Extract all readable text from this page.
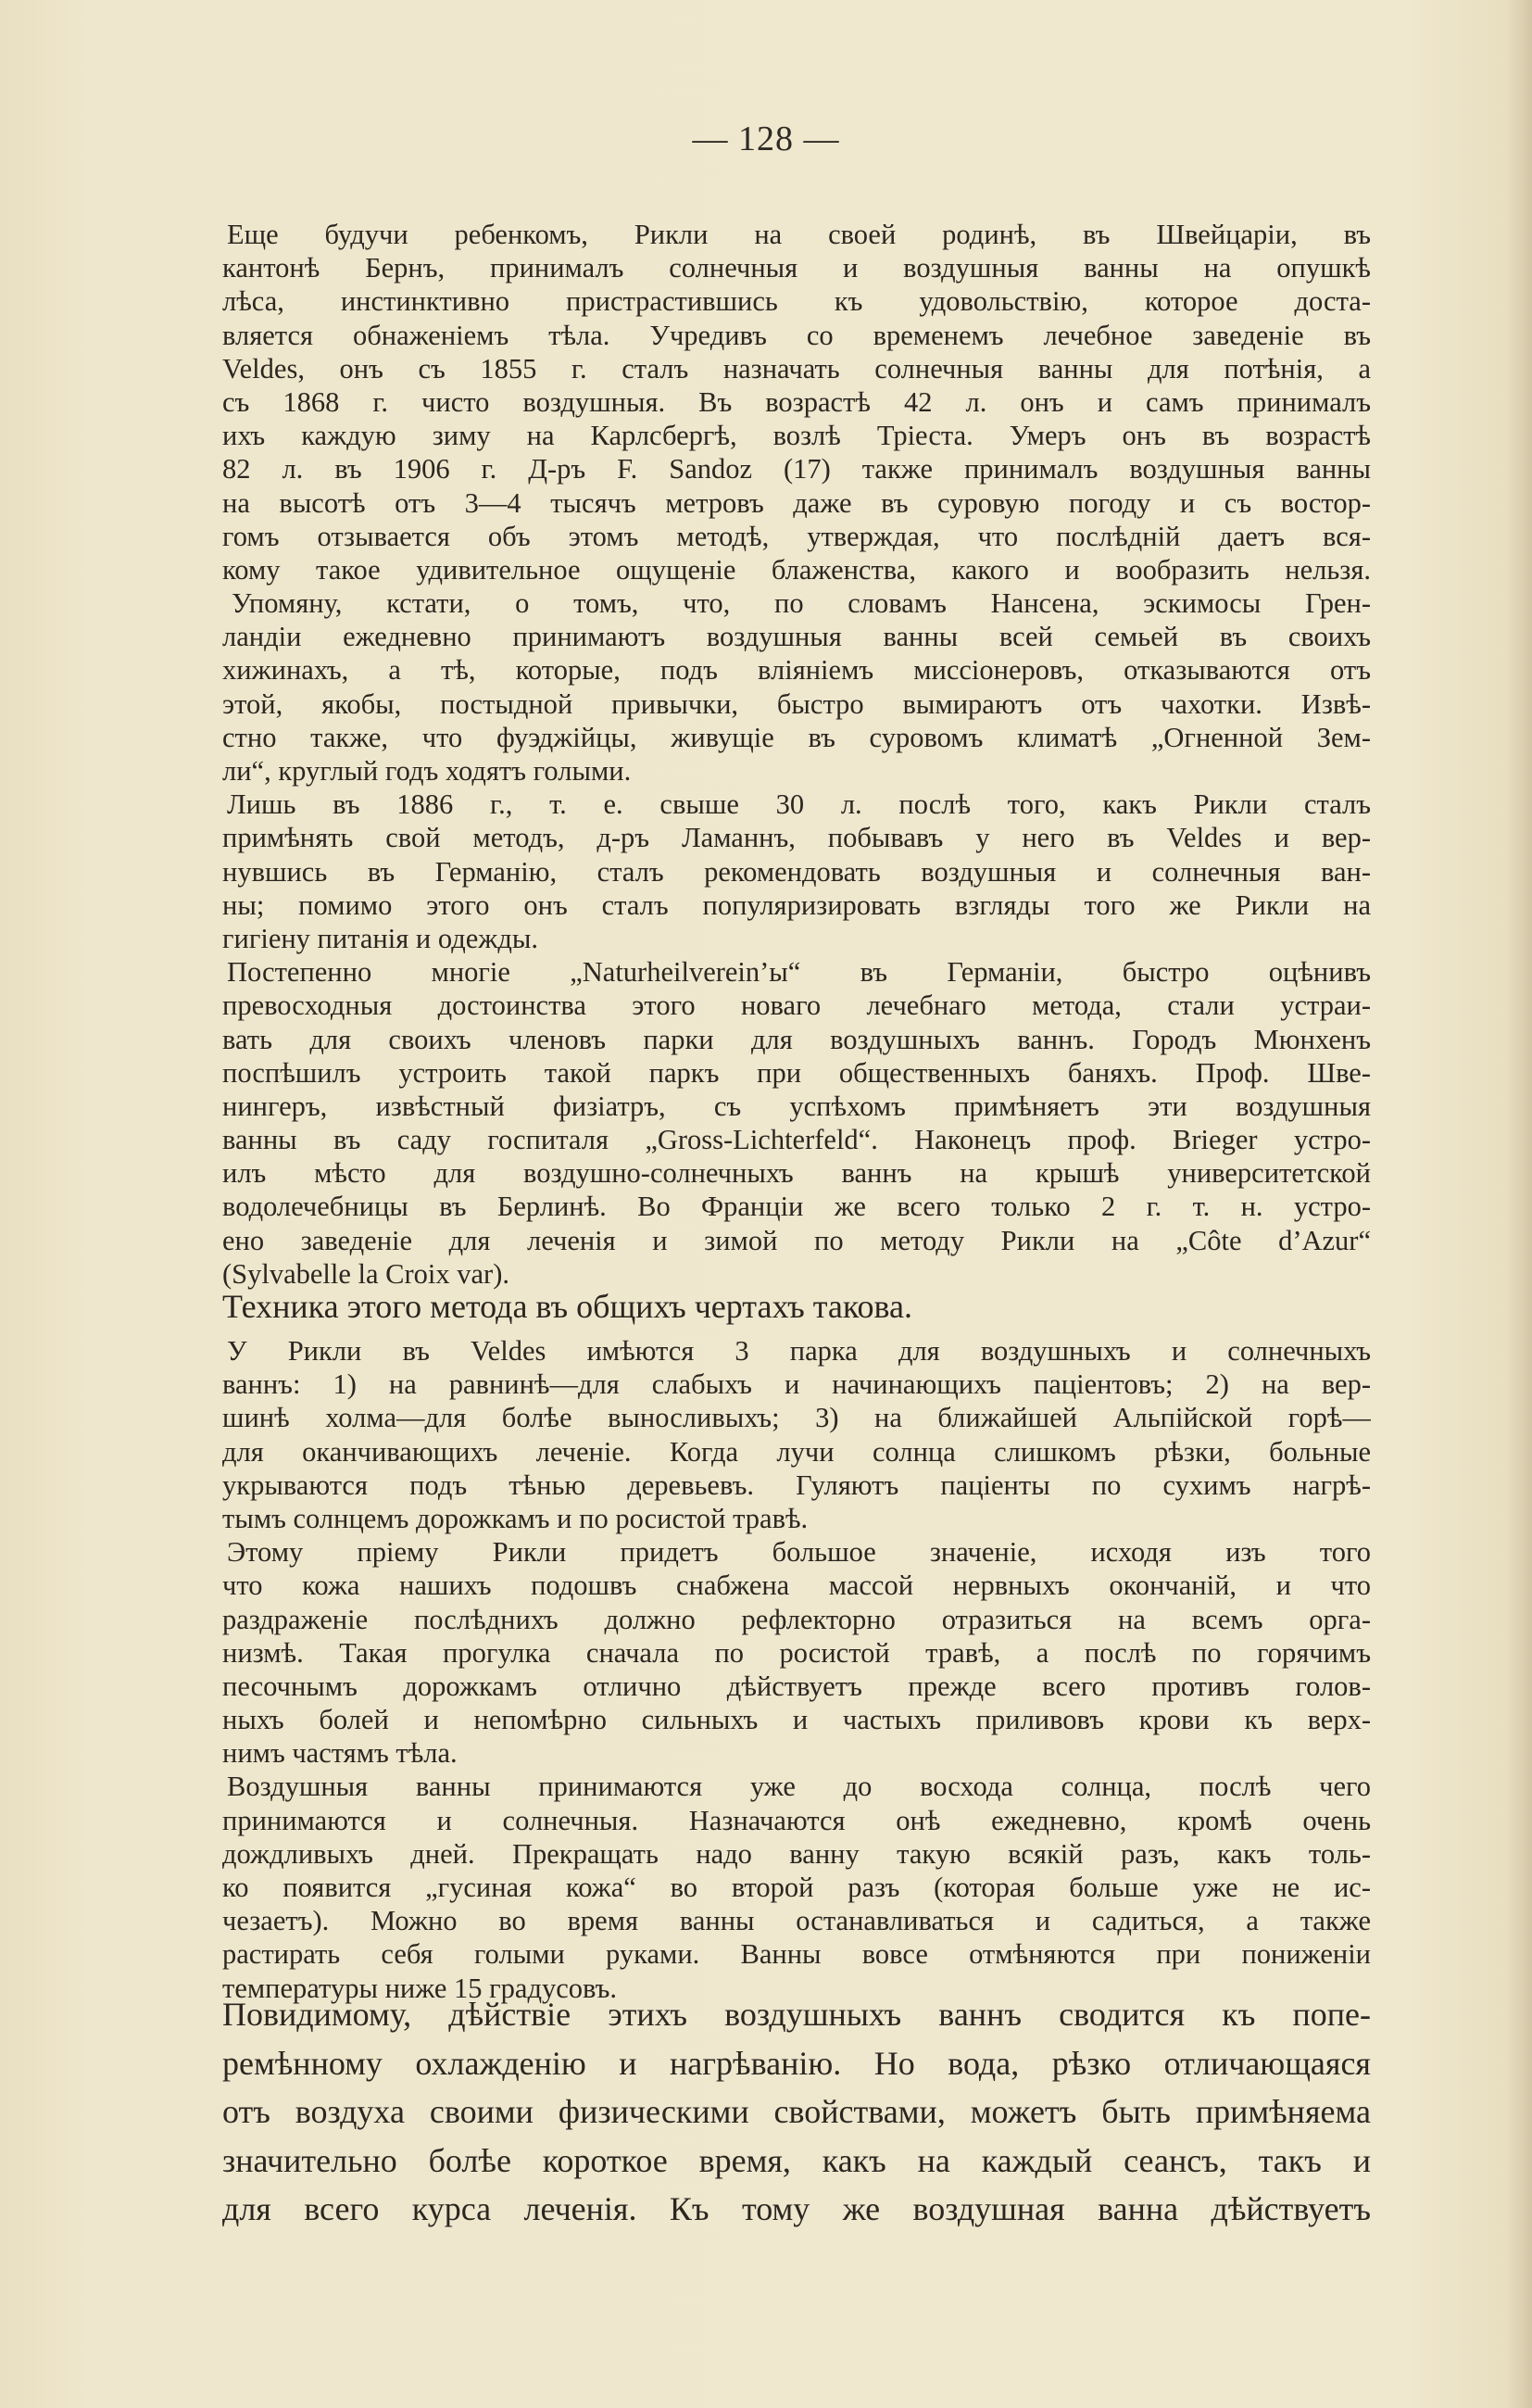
— 128 —
Еще будучи ребенкомъ, Рикли на своей родинѣ, въ Швейцаріи, въ
кантонѣ Бернъ, принималъ солнечныя и воздушныя ванны на опушкѣ
лѣса, инстинктивно пристрастившись къ удовольствію, которое доста-
вляется обнаженіемъ тѣла. Учредивъ со временемъ лечебное заведеніе въ
Veldes, онъ съ 1855 г. сталъ назначать солнечныя ванны для потѣнія, а
съ 1868 г. чисто воздушныя. Въ возрастѣ 42 л. онъ и самъ принималъ
ихъ каждую зиму на Карлсбергѣ, возлѣ Тріеста. Умеръ онъ въ возрастѣ
82 л. въ 1906 г. Д-ръ F. Sandoz (17) также принималъ воздушныя ванны
на высотѣ отъ 3—4 тысячъ метровъ даже въ суровую погоду и съ востор-
гомъ отзывается объ этомъ методѣ, утверждая, что послѣднiй даетъ вся-
кому такое удивительное ощущеніе блаженства, какого и вообразить нельзя.
Упомяну, кстати, о томъ, что, по словамъ Нансена, эскимосы Грен-
ландіи ежедневно принимаютъ воздушныя ванны всей семьей въ своихъ
хижинахъ, а тѣ, которые, подъ вліяніемъ миссіонеровъ, отказываются отъ
этой, якобы, постыдной привычки, быстро вымираютъ отъ чахотки. Извѣ-
стно также, что фуэджійцы, живущіе въ суровомъ климатѣ „Огненной Зем-
ли“, круглый годъ ходятъ голыми.
Лишь въ 1886 г., т. е. свыше 30 л. послѣ того, какъ Рикли сталъ
примѣнять свой методъ, д-ръ Ламаннъ, побывавъ у него въ Veldes и вер-
нувшись въ Германію, сталъ рекомендовать воздушныя и солнечныя ван-
ны; помимо этого онъ сталъ популяризировать взгляды того же Рикли на
гигіену питанія и одежды.
Постепенно многіе „Naturheilverein’ы“ въ Германіи, быстро оцѣнивъ
превосходныя достоинства этого новаго лечебнаго метода, стали устраи-
вать для своихъ членовъ парки для воздушныхъ ваннъ. Городъ Мюнхенъ
поспѣшилъ устроить такой паркъ при общественныхъ баняхъ. Проф. Шве-
нингеръ, извѣстный физіатръ, съ успѣхомъ примѣняетъ эти воздушныя
ванны въ саду госпиталя „Gross-Lichterfeld“. Наконецъ проф. Brieger устро-
илъ мѣсто для воздушно-солнечныхъ ваннъ на крышѣ университетской
водолечебницы въ Берлинѣ. Во Франціи же всего только 2 г. т. н. устро-
ено заведеніе для леченія и зимой по методу Рикли на „Côte d’Azur“
(Sylvabelle la Croix var).
Техника этого метода въ общихъ чертахъ такова.
У Рикли въ Veldes имѣются 3 парка для воздушныхъ и солнечныхъ
ваннъ: 1) на равнинѣ—для слабыхъ и начинающихъ паціентовъ; 2) на вер-
шинѣ холма—для болѣе выносливыхъ; 3) на ближайшей Альпійской горѣ—
для оканчивающихъ леченіе. Когда лучи солнца слишкомъ рѣзки, больные
укрываются подъ тѣнью деревьевъ. Гуляютъ паціенты по сухимъ нагрѣ-
тымъ солнцемъ дорожкамъ и по росистой травѣ.
Этому пріему Рикли придетъ большое значеніе, исходя изъ того
что кожа нашихъ подошвъ снабжена массой нервныхъ окончаній, и что
раздраженіе послѣднихъ должно рефлекторно отразиться на всемъ орга-
низмѣ. Такая прогулка сначала по росистой травѣ, а послѣ по горячимъ
песочнымъ дорожкамъ отлично дѣйствуетъ прежде всего противъ голов-
ныхъ болей и непомѣрно сильныхъ и частыхъ приливовъ крови къ верх-
нимъ частямъ тѣла.
Воздушныя ванны принимаются уже до восхода солнца, послѣ чего
принимаются и солнечныя. Назначаются онѣ ежедневно, кромѣ очень
дождливыхъ дней. Прекращать надо ванну такую всякій разъ, какъ толь-
ко появится „гусиная кожа“ во второй разъ (которая больше уже не ис-
чезаетъ). Можно во время ванны останавливаться и садиться, а также
растирать себя голыми руками. Ванны вовсе отмѣняются при пониженіи
температуры ниже 15 градусовъ.
Повидимому, дѣйствіе этихъ воздушныхъ ваннъ сводится къ попе-
ремѣнному охлажденію и нагрѣванію. Но вода, рѣзко отличающаяся
отъ воздуха своими физическими свойствами, можетъ быть примѣняема
значительно болѣе короткое время, какъ на каждый сеансъ, такъ и
для всего курса леченія. Къ тому же воздушная ванна дѣйствуетъ
